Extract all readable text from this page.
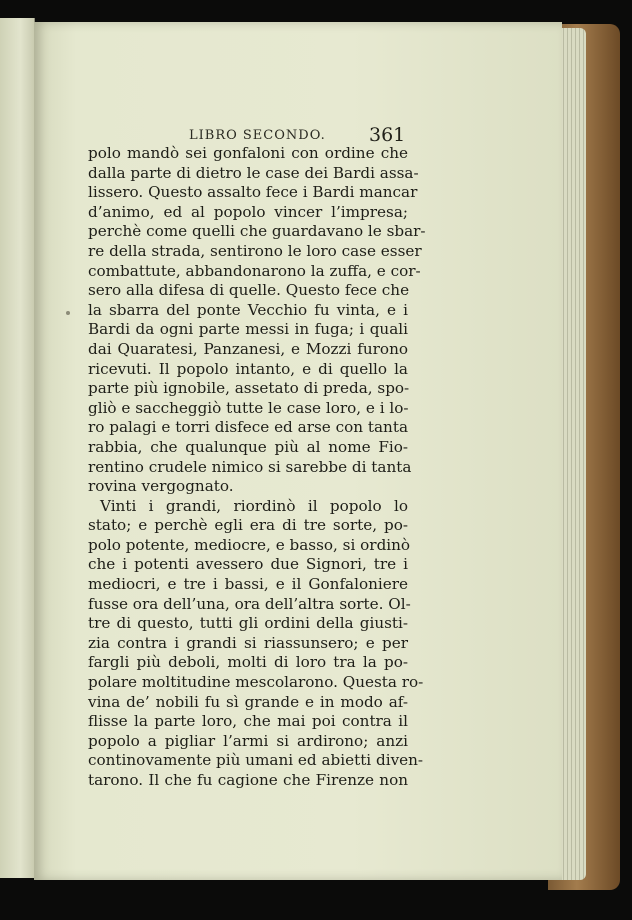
LIBRO SECONDO. 361
polo mandò sei gonfaloni con ordine che
dalla parte di dietro le case dei Bardi assa-
lissero. Questo assalto fece i Bardi mancar
d’animo, ed al popolo vincer l’impresa;
perchè come quelli che guardavano le sbar-
re della strada, sentirono le loro case esser
combattute, abbandonarono la zuffa, e cor-
sero alla difesa di quelle. Questo fece che
la sbarra del ponte Vecchio fu vinta, e i
Bardi da ogni parte messi in fuga; i quali
dai Quaratesi, Panzanesi, e Mozzi furono
ricevuti. Il popolo intanto, e di quello la
parte più ignobile, assetato di preda, spo-
gliò e saccheggiò tutte le case loro, e i lo-
ro palagi e torri disfece ed arse con tanta
rabbia, che qualunque più al nome Fio-
rentino crudele nimico si sarebbe di tanta
rovina vergognato.
Vinti i grandi, riordinò il popolo lo
stato; e perchè egli era di tre sorte, po-
polo potente, mediocre, e basso, si ordinò
che i potenti avessero due Signori, tre i
mediocri, e tre i bassi, e il Gonfaloniere
fusse ora dell’una, ora dell’altra sorte. Ol-
tre di questo, tutti gli ordini della giusti-
zia contra i grandi si riassunsero; e per
fargli più deboli, molti di loro tra la po-
polare moltitudine mescolarono. Questa ro-
vina de’ nobili fu sì grande e in modo af-
flisse la parte loro, che mai poi contra il
popolo a pigliar l’armi si ardirono; anzi
continovamente più umani ed abietti diven-
tarono. Il che fu cagione che Firenze non
